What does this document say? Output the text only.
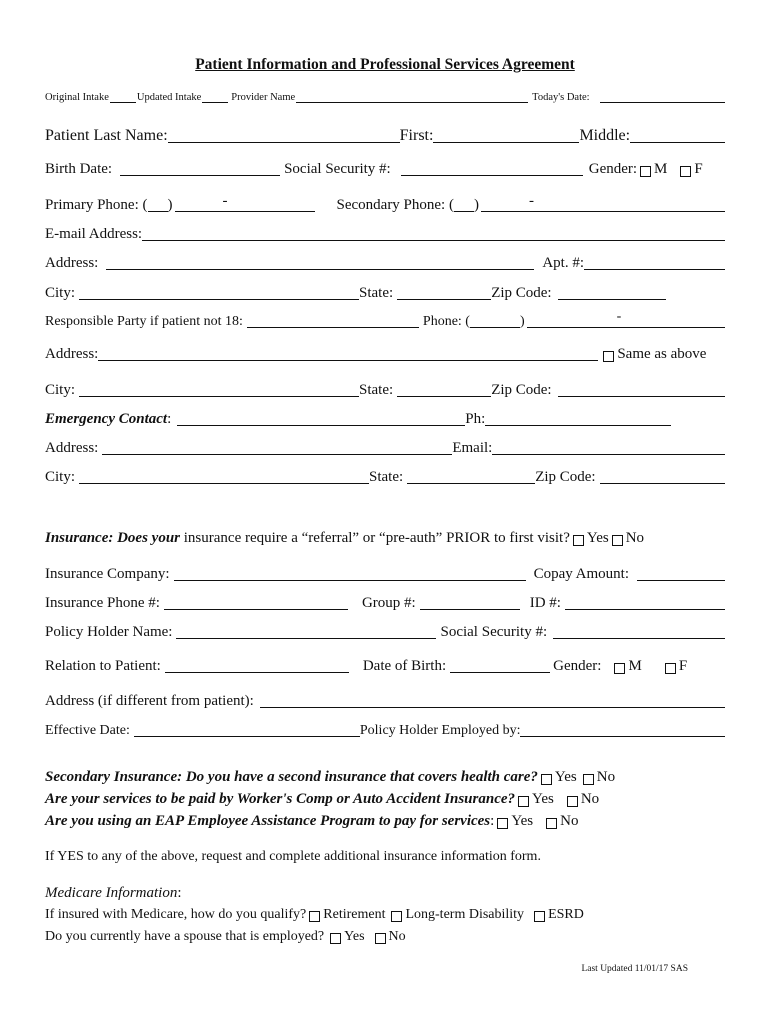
Patient Information and Professional Services Agreement
Original Intake	Updated Intake	Provider Name	Today's Date:
Patient Last Name:	First:	Middle:
Birth Date:	Social Security #:	Gender: M F
Primary Phone: ( )	-	Secondary Phone: ( )	-
E-mail Address:
Address:	Apt. #:
City:	State:	Zip Code:
Responsible Party if patient not 18:	Phone: (	)	-
Address:	Same as above
City:	State:	Zip Code:
Emergency Contact :	Ph:
Address:	Email:
City:	State:	Zip Code:
Insurance: Does your
insurance require a “referral” or “pre-auth” PRIOR to first visit? Yes No
Insurance Company:	Copay Amount:
Insurance Phone #:	Group #:	ID #:
Policy Holder Name:	Social Security #:
Relation to Patient:	Date of Birth:	Gender: M F
Address (if different from patient):
Effective Date:	Policy Holder Employed by:
Secondary Insurance: Do you have a second insurance that covers health care? Yes No
Are your services to be paid by Worker's Comp or Auto Accident Insurance? Yes No
Are you using an EAP Employee Assistance Program to pay for services : Yes No
If YES to any of the above, request and complete additional insurance information form.
Medicare Information :
If insured with Medicare, how do you qualify? Retirement Long-term Disability ESRD
Do you currently have a spouse that is employed? Yes No
Last Updated 11/01/17 SAS
